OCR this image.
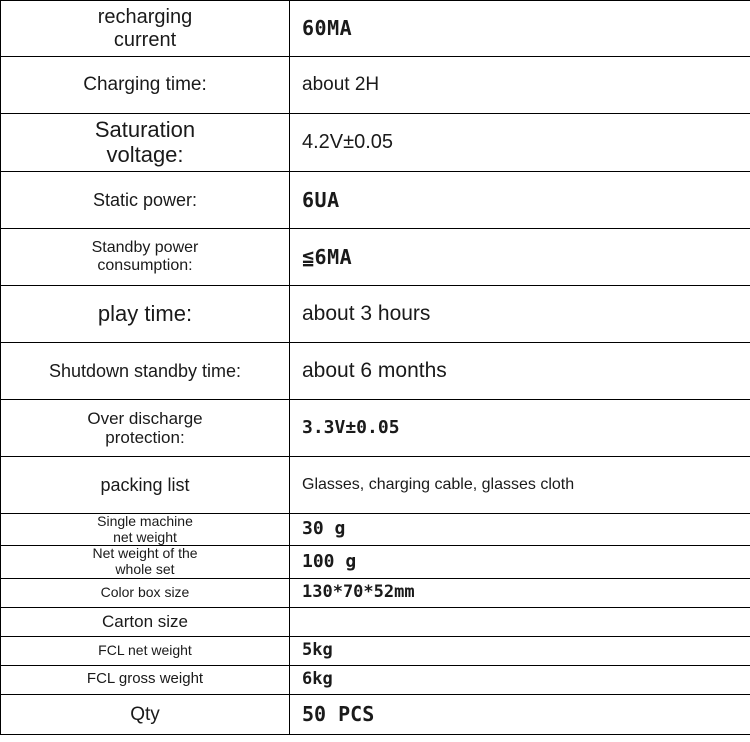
recharging
current	60MA

Charging time:	about 2H

Saturation
voltage:	4.2V±0.05

Static power:	6UA

Standby power
consumption:	≦6MA

play time:	about 3 hours

Shutdown standby time:	about 6 months

Over discharge
protection:	3.3V±0.05

packing list	Glasses, charging cable, glasses cloth

Single machine
net weight	30 g

Net weight of the
whole set	100 g

Color box size	130*70*52mm

Carton size	

FCL net weight	5kg

FCL gross weight	6kg

Qty	50 PCS
